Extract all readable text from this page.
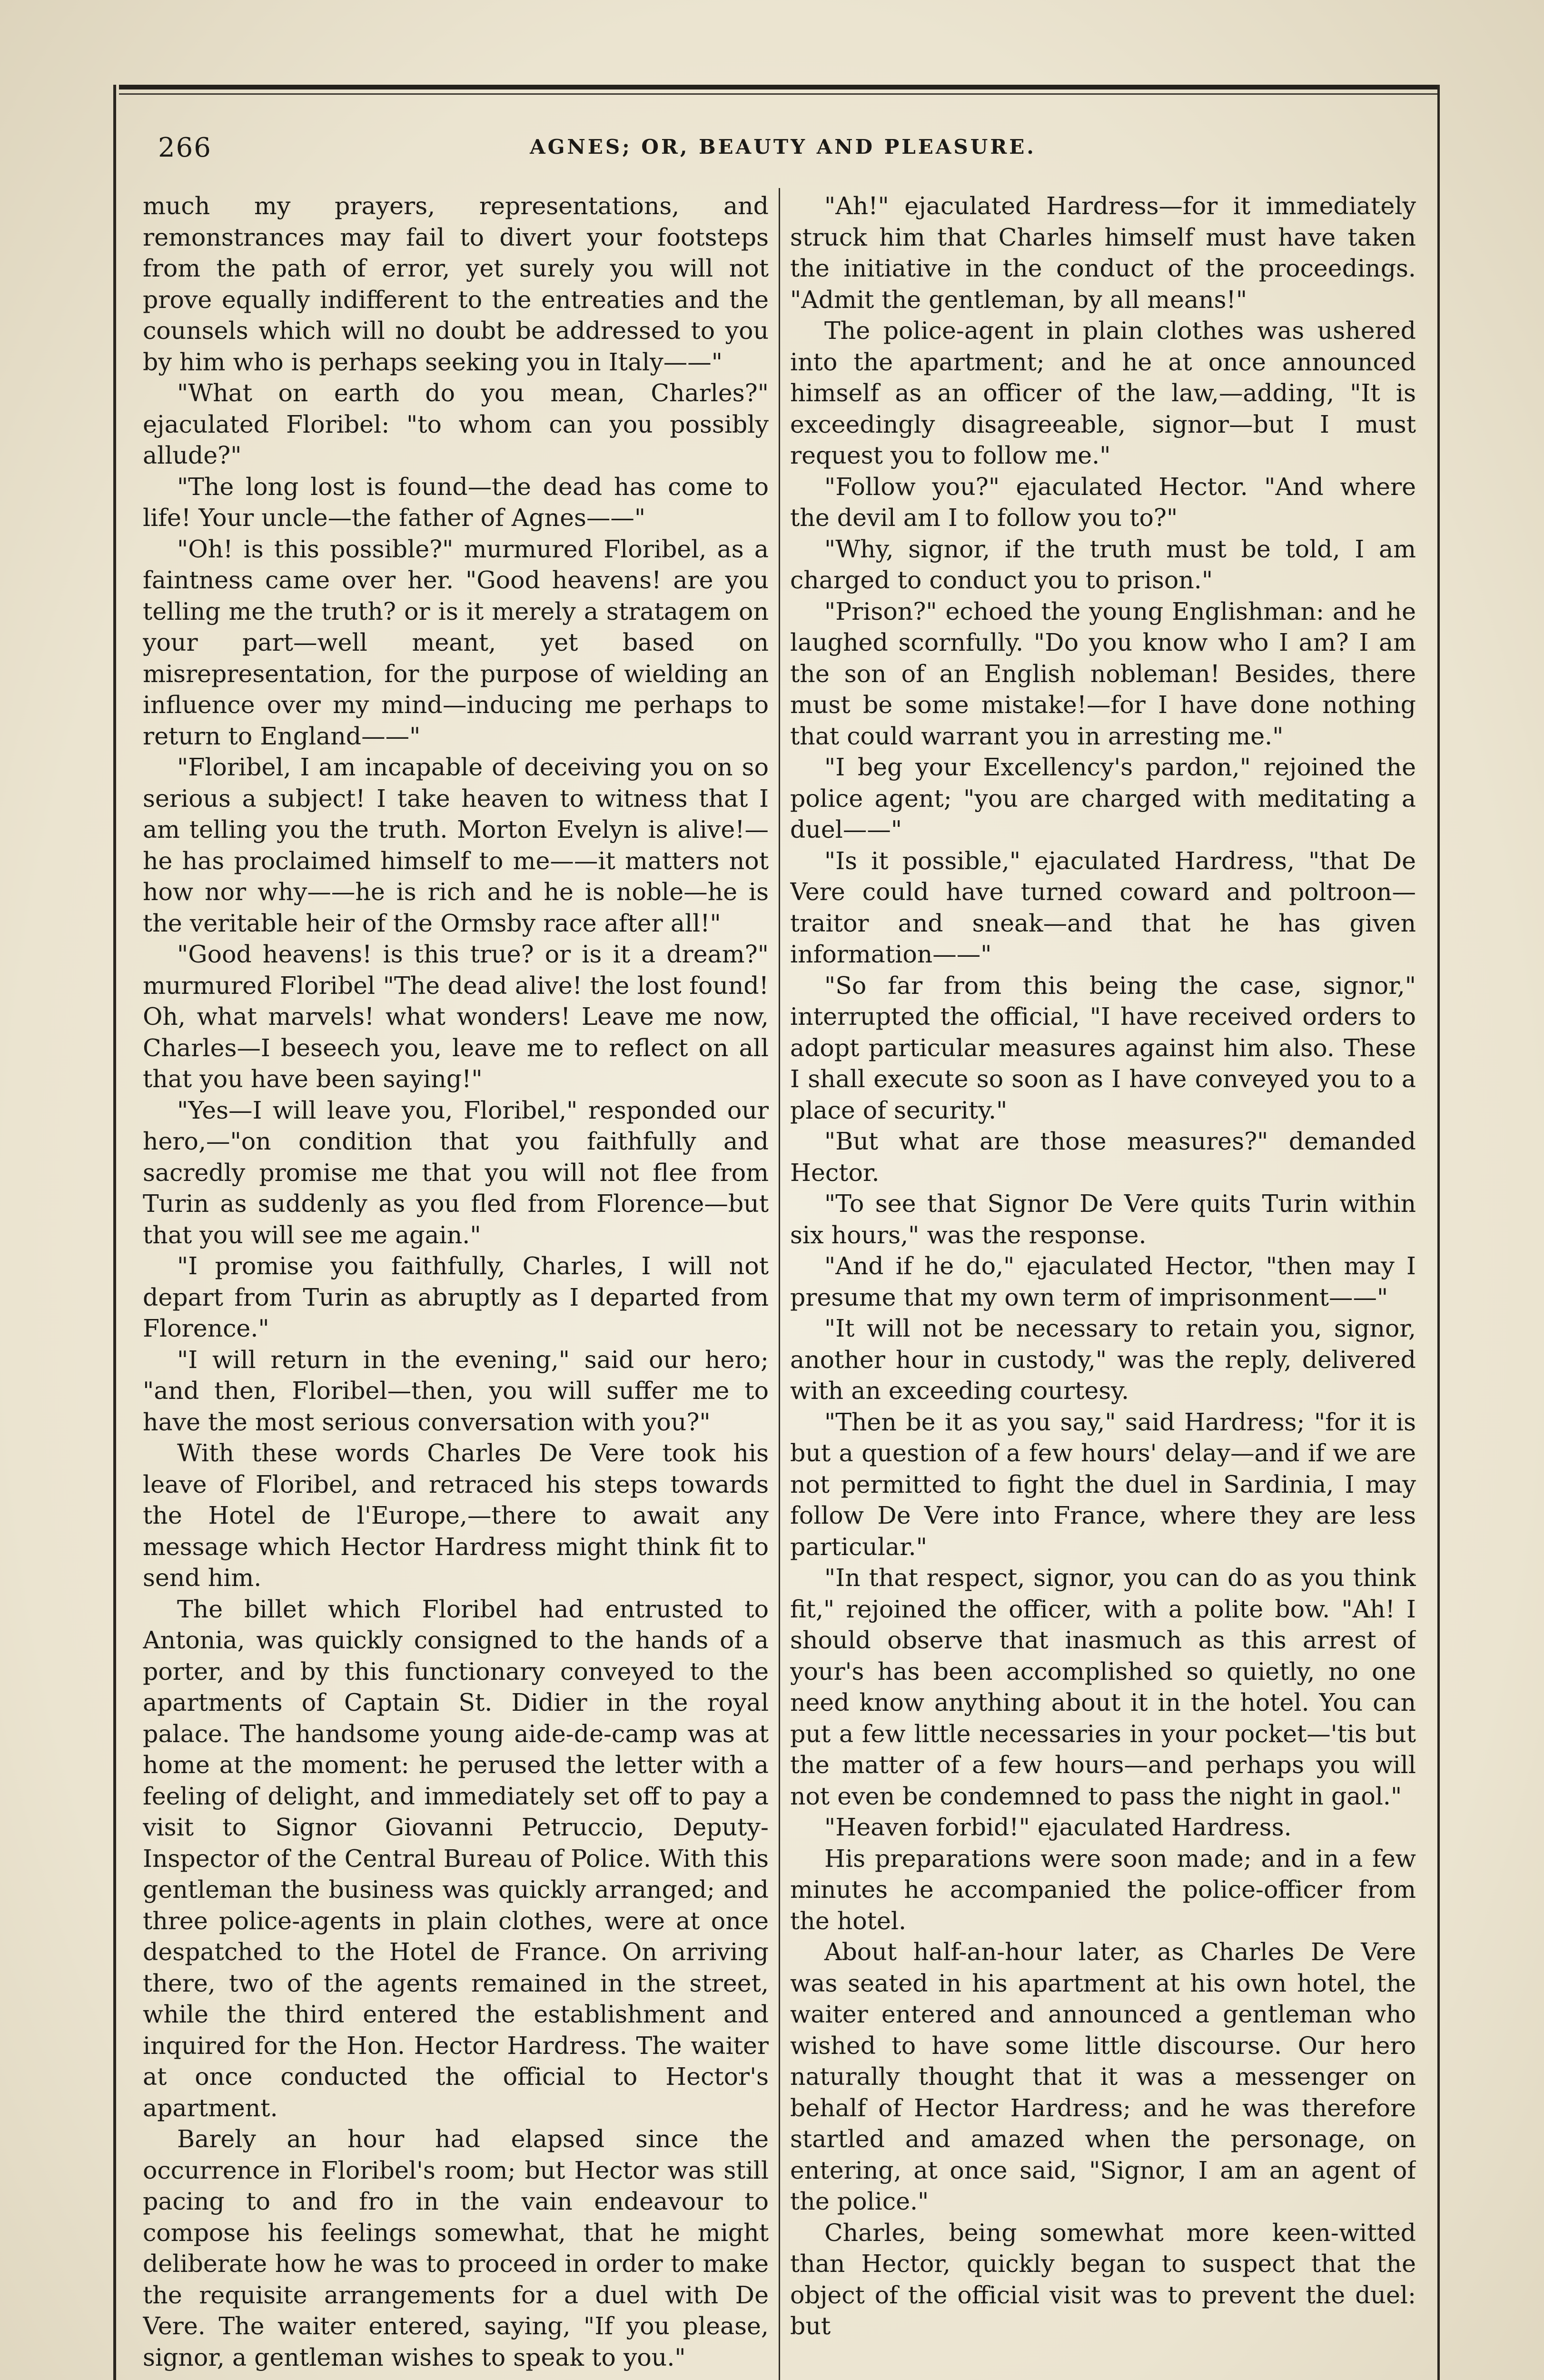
266	AGNES; OR, BEAUTY AND PLEASURE.

much my prayers, representations, and remonstrances may fail to divert your footsteps from the path of error, yet surely you will not prove equally indifferent to the entreaties and the counsels which will no doubt be addressed to you by him who is perhaps seeking you in Italy——"

"What on earth do you mean, Charles?" ejaculated Floribel: "to whom can you possibly allude?"

"The long lost is found—the dead has come to life! Your uncle—the father of Agnes——"

"Oh! is this possible?" murmured Floribel, as a faintness came over her. "Good heavens! are you telling me the truth? or is it merely a stratagem on your part—well meant, yet based on misrepresentation, for the purpose of wielding an influence over my mind—inducing me perhaps to return to England——"

"Floribel, I am incapable of deceiving you on so serious a subject! I take heaven to witness that I am telling you the truth. Morton Evelyn is alive!—he has proclaimed himself to me——it matters not how nor why——he is rich and he is noble—he is the veritable heir of the Ormsby race after all!"

"Good heavens! is this true? or is it a dream?" murmured Floribel "The dead alive! the lost found! Oh, what marvels! what wonders! Leave me now, Charles—I beseech you, leave me to reflect on all that you have been saying!"

"Yes—I will leave you, Floribel," responded our hero,—"on condition that you faithfully and sacredly promise me that you will not flee from Turin as suddenly as you fled from Florence—but that you will see me again."

"I promise you faithfully, Charles, I will not depart from Turin as abruptly as I departed from Florence."

"I will return in the evening," said our hero; "and then, Floribel—then, you will suffer me to have the most serious conversation with you?"

With these words Charles De Vere took his leave of Floribel, and retraced his steps towards the Hotel de l'Europe,—there to await any message which Hector Hardress might think fit to send him.

The billet which Floribel had entrusted to Antonia, was quickly consigned to the hands of a porter, and by this functionary conveyed to the apartments of Captain St. Didier in the royal palace. The handsome young aide-de-camp was at home at the moment: he perused the letter with a feeling of delight, and immediately set off to pay a visit to Signor Giovanni Petruccio, Deputy-Inspector of the Central Bureau of Police. With this gentleman the business was quickly arranged; and three police-agents in plain clothes, were at once despatched to the Hotel de France. On arriving there, two of the agents remained in the street, while the third entered the establishment and inquired for the Hon. Hector Hardress. The waiter at once conducted the official to Hector's apartment.

Barely an hour had elapsed since the occurrence in Floribel's room; but Hector was still pacing to and fro in the vain endeavour to compose his feelings somewhat, that he might deliberate how he was to proceed in order to make the requisite arrangements for a duel with De Vere. The waiter entered, saying, "If you please, signor, a gentleman wishes to speak to you."

"Ah!" ejaculated Hardress—for it immediately struck him that Charles himself must have taken the initiative in the conduct of the proceedings. "Admit the gentleman, by all means!"

The police-agent in plain clothes was ushered into the apartment; and he at once announced himself as an officer of the law,—adding, "It is exceedingly disagreeable, signor—but I must request you to follow me."

"Follow you?" ejaculated Hector. "And where the devil am I to follow you to?"

"Why, signor, if the truth must be told, I am charged to conduct you to prison."

"Prison?" echoed the young Englishman: and he laughed scornfully. "Do you know who I am? I am the son of an English nobleman! Besides, there must be some mistake!—for I have done nothing that could warrant you in arresting me."

"I beg your Excellency's pardon," rejoined the police agent; "you are charged with meditating a duel——"

"Is it possible," ejaculated Hardress, "that De Vere could have turned coward and poltroon—traitor and sneak—and that he has given information——"

"So far from this being the case, signor," interrupted the official, "I have received orders to adopt particular measures against him also. These I shall execute so soon as I have conveyed you to a place of security."

"But what are those measures?" demanded Hector.

"To see that Signor De Vere quits Turin within six hours," was the response.

"And if he do," ejaculated Hector, "then may I presume that my own term of imprisonment——"

"It will not be necessary to retain you, signor, another hour in custody," was the reply, delivered with an exceeding courtesy.

"Then be it as you say," said Hardress; "for it is but a question of a few hours' delay—and if we are not permitted to fight the duel in Sardinia, I may follow De Vere into France, where they are less particular."

"In that respect, signor, you can do as you think fit," rejoined the officer, with a polite bow. "Ah! I should observe that inasmuch as this arrest of your's has been accomplished so quietly, no one need know anything about it in the hotel. You can put a few little necessaries in your pocket—'tis but the matter of a few hours—and perhaps you will not even be condemned to pass the night in gaol."

"Heaven forbid!" ejaculated Hardress.

His preparations were soon made; and in a few minutes he accompanied the police-officer from the hotel.

About half-an-hour later, as Charles De Vere was seated in his apartment at his own hotel, the waiter entered and announced a gentleman who wished to have some little discourse. Our hero naturally thought that it was a messenger on behalf of Hector Hardress; and he was therefore startled and amazed when the personage, on entering, at once said, "Signor, I am an agent of the police."

Charles, being somewhat more keen-witted than Hector, quickly began to suspect that the object of the official visit was to prevent the duel: but
